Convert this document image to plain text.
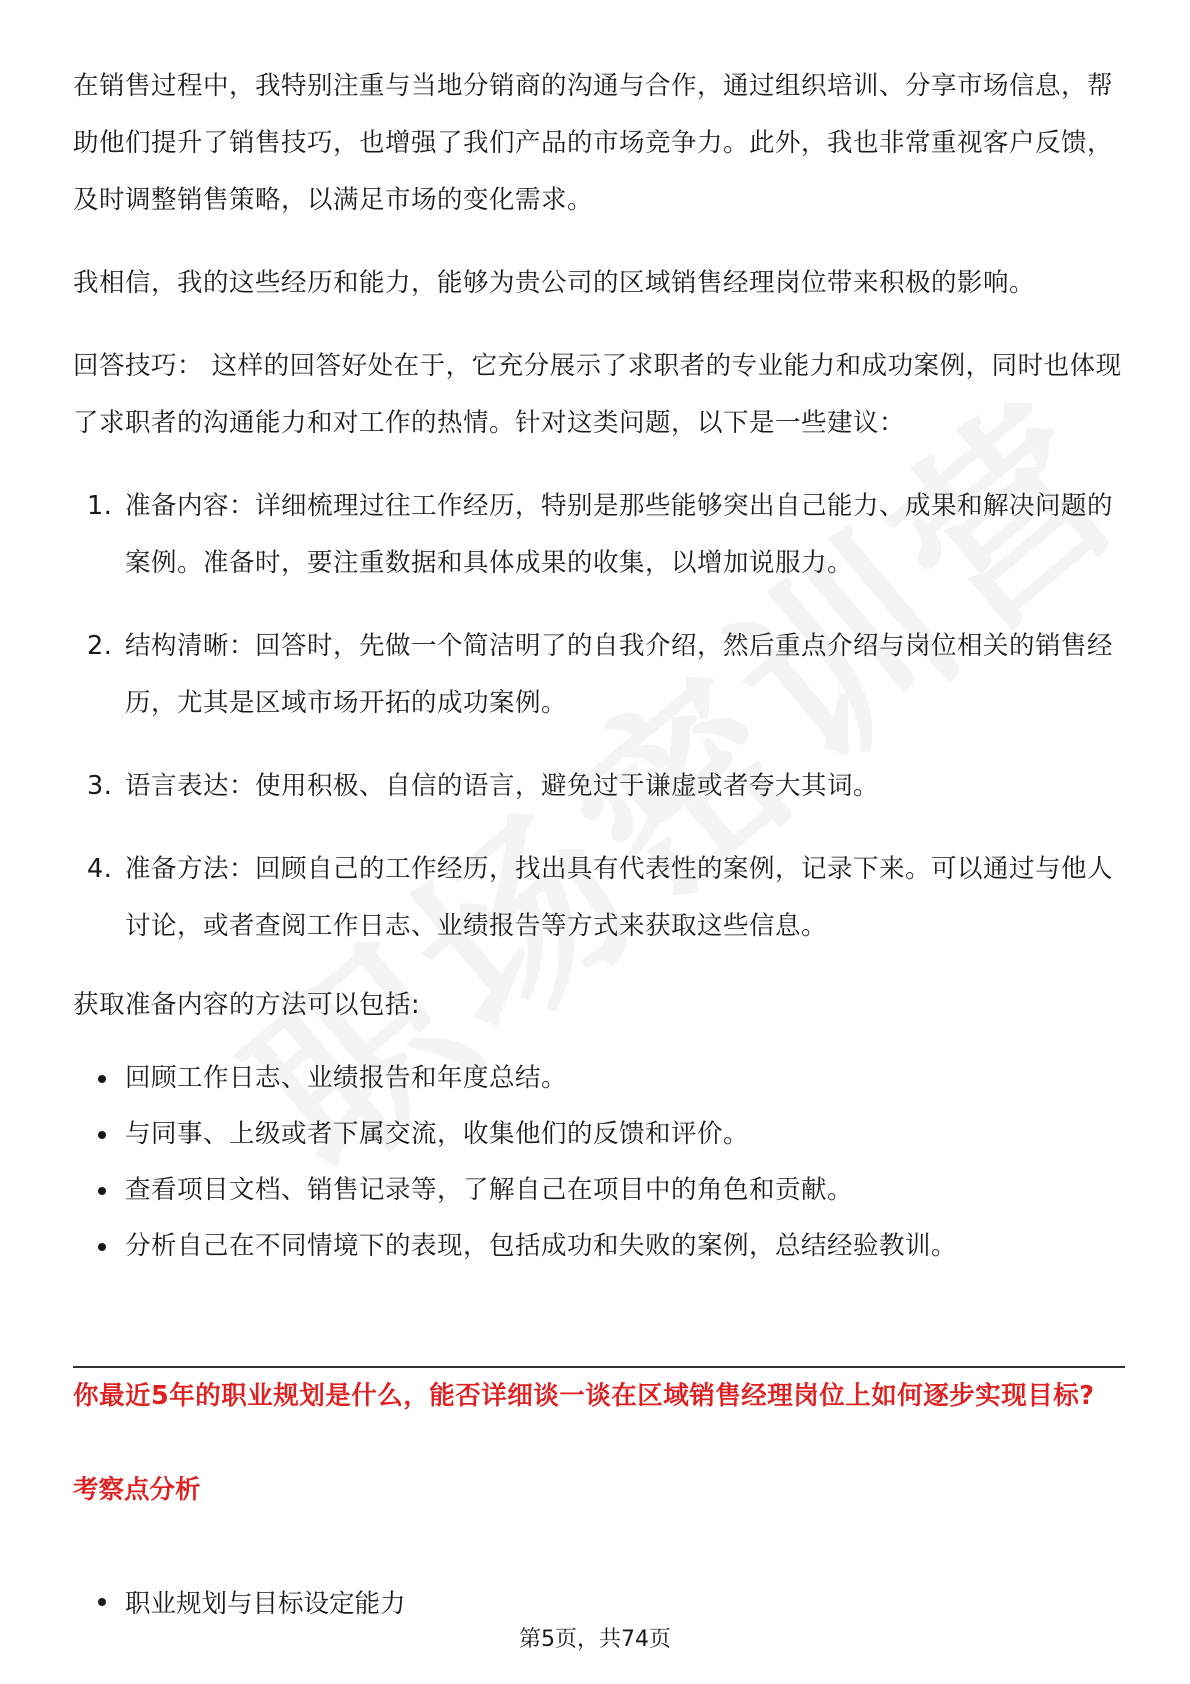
在销售过程中，我特别注重与当地分销商的沟通与合作，通过组织培训、分享市场信息，帮助他们提升了销售技巧，也增强了我们产品的市场竞争力。此外，我也非常重视客户反馈，及时调整销售策略，以满足市场的变化需求。

我相信，我的这些经历和能力，能够为贵公司的区域销售经理岗位带来积极的影响。

回答技巧： 这样的回答好处在于，它充分展示了求职者的专业能力和成功案例，同时也体现了求职者的沟通能力和对工作的热情。针对这类问题，以下是一些建议：

1. 准备内容：详细梳理过往工作经历，特别是那些能够突出自己能力、成果和解决问题的案例。准备时，要注重数据和具体成果的收集，以增加说服力。
2. 结构清晰：回答时，先做一个简洁明了的自我介绍，然后重点介绍与岗位相关的销售经历，尤其是区域市场开拓的成功案例。
3. 语言表达：使用积极、自信的语言，避免过于谦虚或者夸大其词。
4. 准备方法：回顾自己的工作经历，找出具有代表性的案例，记录下来。可以通过与他人讨论，或者查阅工作日志、业绩报告等方式来获取这些信息。

获取准备内容的方法可以包括:

回顾工作日志、业绩报告和年度总结。
与同事、上级或者下属交流，收集他们的反馈和评价。
查看项目文档、销售记录等，了解自己在项目中的角色和贡献。
分析自己在不同情境下的表现，包括成功和失败的案例，总结经验教训。
你最近5年的职业规划是什么，能否详细谈一谈在区域销售经理岗位上如何逐步实现目标?
考察点分析
职业规划与目标设定能力
第5页，共74页
